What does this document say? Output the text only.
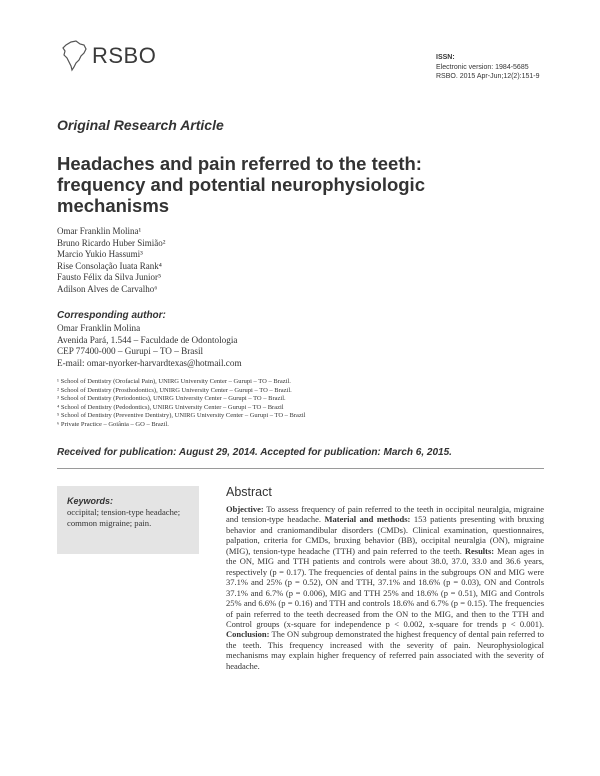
RSBO	ISSN:
Electronic version: 1984-5685
RSBO. 2015 Apr-Jun;12(2):151-9
Original Research Article
Headaches and pain referred to the teeth:
frequency and potential neurophysiologic
mechanisms
Omar Franklin Molina¹
Bruno Ricardo Huber Simião²
Marcio Yukio Hassumi³
Rise Consolação Iuata Rank⁴
Fausto Félix da Silva Junior⁵
Adilson Alves de Carvalho⁶
Corresponding author:
Omar Franklin Molina
Avenida Pará, 1.544 – Faculdade de Odontologia
CEP 77400-000 – Gurupi – TO – Brasil
E-mail: omar-nyorker-harvardtexas@hotmail.com
¹ School of Dentistry (Orofacial Pain), UNIRG University Center – Gurupi – TO – Brazil.
² School of Dentistry (Prosthodontics), UNIRG University Center – Gurupi – TO – Brazil.
³ School of Dentistry (Periodontics), UNIRG University Center – Gurupi – TO – Brazil.
⁴ School of Dentistry (Pedodontics), UNIRG University Center – Gurupi – TO – Brazil
⁵ School of Dentistry (Preventive Dentistry), UNIRG University Center – Gurupi – TO – Brazil
⁶ Private Practice – Goiânia – GO – Brazil.
Received for publication: August 29, 2014. Accepted for publication: March 6, 2015.
Keywords:
occipital; tension-type headache; common migraine; pain.
Abstract
Objective: To assess frequency of pain referred to the teeth in occipital neuralgia, migraine and tension-type headache. Material and methods: 153 patients presenting with bruxing behavior and craniomandibular disorders (CMDs). Clinical examination, questionnaires, palpation, criteria for CMDs, bruxing behavior (BB), occipital neuralgia (ON), migraine (MIG), tension-type headache (TTH) and pain referred to the teeth. Results: Mean ages in the ON, MIG and TTH patients and controls were about 38.0, 37.0, 33.0 and 36.6 years, respectively (p = 0.17). The frequencies of dental pains in the subgroups ON and MIG were 37.1% and 25% (p = 0.52), ON and TTH, 37.1% and 18.6% (p = 0.03), ON and Controls 37.1% and 6.7% (p = 0.006), MIG and TTH 25% and 18.6% (p = 0.51), MIG and Controls 25% and 6.6% (p = 0.16) and TTH and controls 18.6% and 6.7% (p = 0.15). The frequencies of pain referred to the teeth decreased from the ON to the MIG, and then to the TTH and Control groups (x-square for independence p < 0.002, x-square for trends p < 0.001). Conclusion: The ON subgroup demonstrated the highest frequency of dental pain referred to the teeth. This frequency increased with the severity of pain. Neurophysiological mechanisms may explain higher frequency of referred pain associated with the severity of headache.
